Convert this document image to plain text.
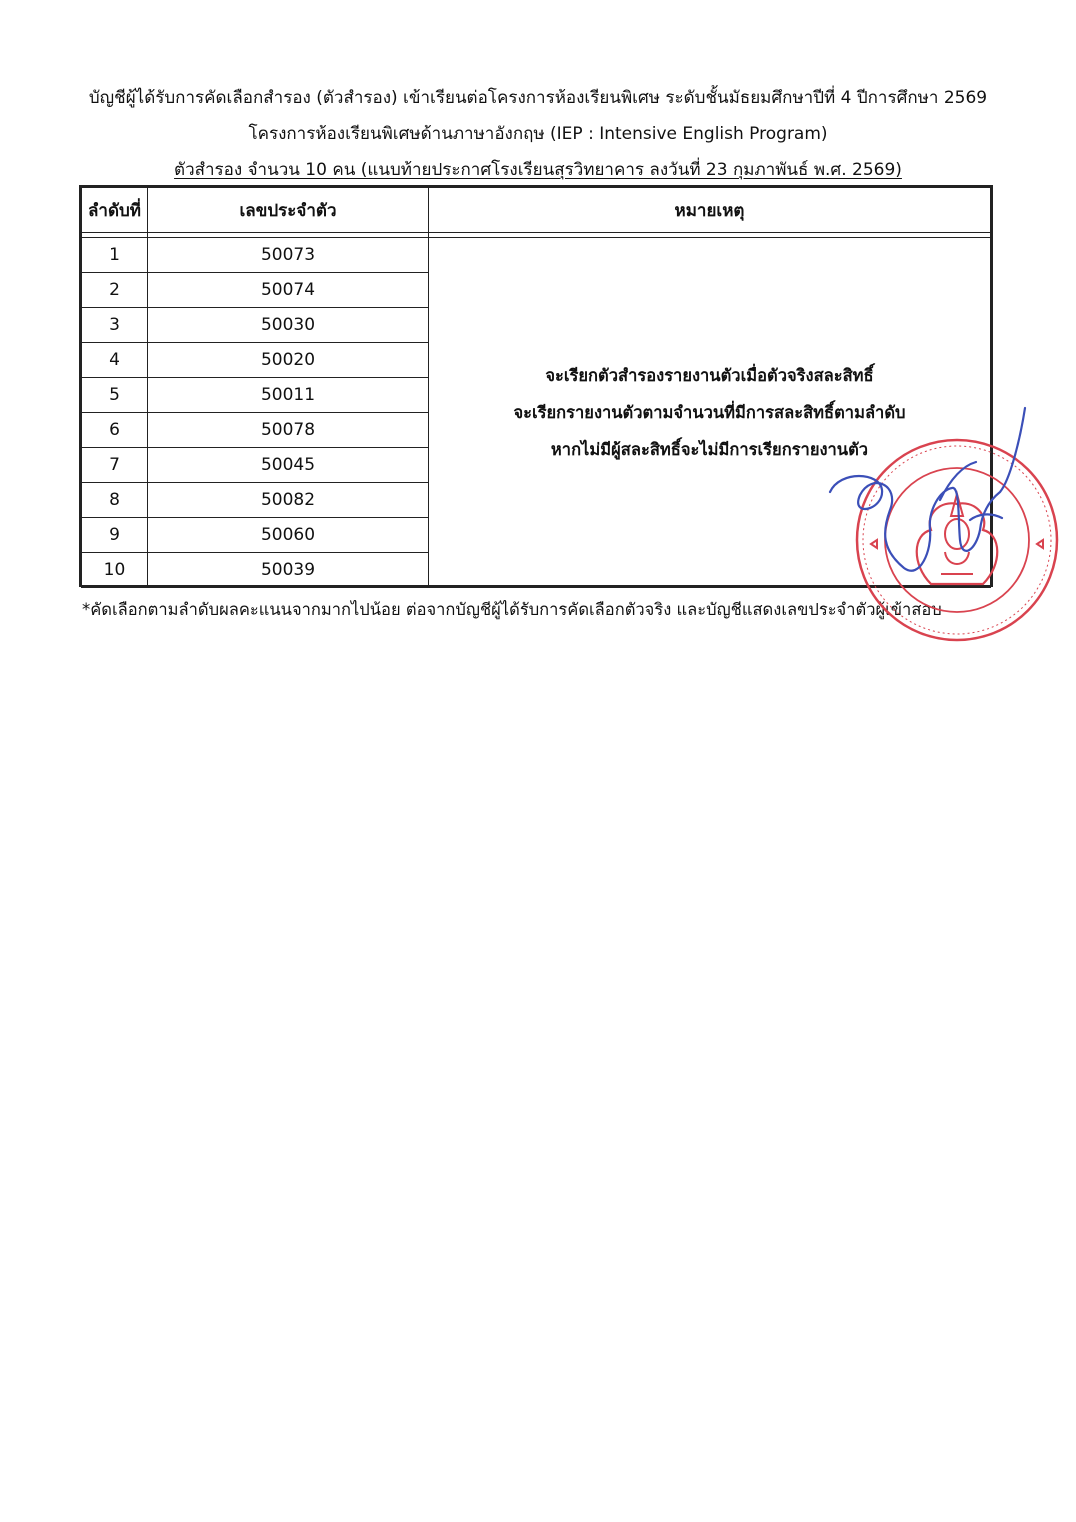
บัญชีผู้ได้รับการคัดเลือกสำรอง (ตัวสำรอง) เข้าเรียนต่อโครงการห้องเรียนพิเศษ ระดับชั้นมัธยมศึกษาปีที่ 4 ปีการศึกษา 2569
โครงการห้องเรียนพิเศษด้านภาษาอังกฤษ (IEP : Intensive English Program)
ตัวสำรอง จำนวน 10 คน (แนบท้ายประกาศโรงเรียนสุรวิทยาคาร ลงวันที่ 23 กุมภาพันธ์ พ.ศ. 2569)
ลำดับที่	เลขประจำตัว	หมายเหตุ

1	50073	จะเรียกตัวสำรองรายงานตัวเมื่อตัวจริงสละสิทธิ์
จะเรียกรายงานตัวตามจำนวนที่มีการสละสิทธิ์ตามลำดับ
หากไม่มีผู้สละสิทธิ์จะไม่มีการเรียกรายงานตัว

2	50074	
3	50030	
4	50020	
5	50011	
6	50078	
7	50045	
8	50082	
9	50060	
10	50039	
*คัดเลือกตามลำดับผลคะแนนจากมากไปน้อย ต่อจากบัญชีผู้ได้รับการคัดเลือกตัวจริง และบัญชีแสดงเลขประจำตัวผู้เข้าสอบ
